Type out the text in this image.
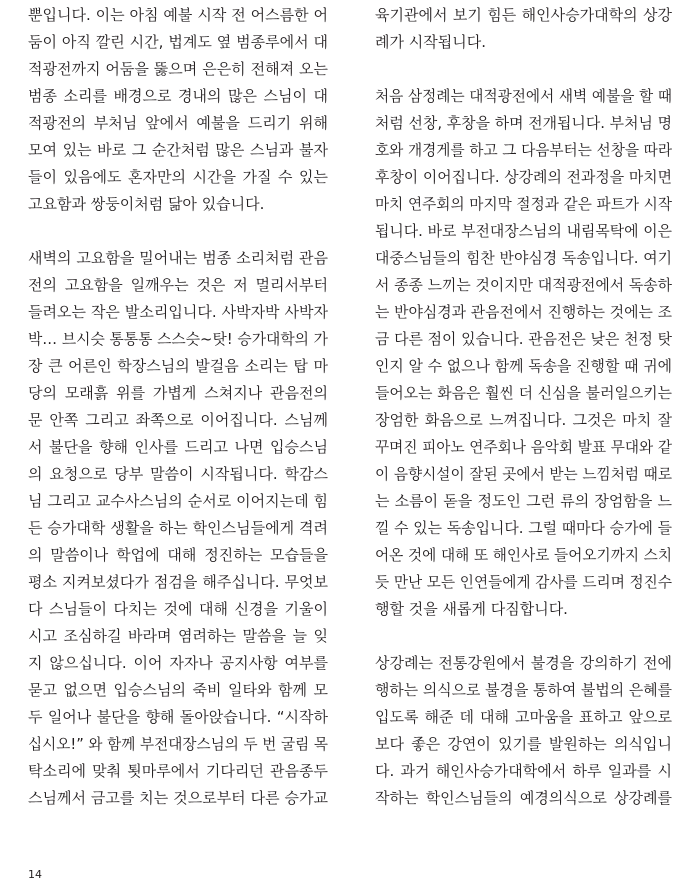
뿐입니다. 이는 아침 예불 시작 전 어스름한 어
둠이 아직 깔린 시간, 법계도 옆 범종루에서 대
적광전까지 어둠을 뚫으며 은은히 전해져 오는
범종 소리를 배경으로 경내의 많은 스님이 대
적광전의 부처님 앞에서 예불을 드리기 위해
모여 있는 바로 그 순간처럼 많은 스님과 불자
들이 있음에도 혼자만의 시간을 가질 수 있는
고요함과 쌍둥이처럼 닮아 있습니다.
새벽의 고요함을 밀어내는 범종 소리처럼 관음
전의 고요함을 일깨우는 것은 저 멀리서부터
들려오는 작은 발소리입니다. 사박자박 사박자
박… 브시슷 통통통 스스슷~탓! 승가대학의 가
장 큰 어른인 학장스님의 발걸음 소리는 탑 마
당의 모래흙 위를 가볍게 스쳐지나 관음전의
문 안쪽 그리고 좌쪽으로 이어집니다. 스님께
서 불단을 향해 인사를 드리고 나면 입승스님
의 요청으로 당부 말씀이 시작됩니다. 학감스
님 그리고 교수사스님의 순서로 이어지는데 힘
든 승가대학 생활을 하는 학인스님들에게 격려
의 말씀이나 학업에 대해 정진하는 모습들을
평소 지켜보셨다가 점검을 해주십니다. 무엇보
다 스님들이 다치는 것에 대해 신경을 기울이
시고 조심하길 바라며 염려하는 말씀을 늘 잊
지 않으십니다. 이어 자자나 공지사항 여부를
묻고 없으면 입승스님의 죽비 일타와 함께 모
두 일어나 불단을 향해 돌아앉습니다. “시작하
십시오!” 와 함께 부전대장스님의 두 번 굴림 목
탁소리에 맞춰 툇마루에서 기다리던 관음종두
스님께서 금고를 치는 것으로부터 다른 승가교
육기관에서 보기 힘든 해인사승가대학의 상강
례가 시작됩니다.
처음 삼정례는 대적광전에서 새벽 예불을 할 때
처럼 선창, 후창을 하며 전개됩니다. 부처님 명
호와 개경게를 하고 그 다음부터는 선창을 따라
후창이 이어집니다. 상강례의 전과정을 마치면
마치 연주회의 마지막 절정과 같은 파트가 시작
됩니다. 바로 부전대장스님의 내림목탁에 이은
대중스님들의 힘찬 반야심경 독송입니다. 여기
서 종종 느끼는 것이지만 대적광전에서 독송하
는 반야심경과 관음전에서 진행하는 것에는 조
금 다른 점이 있습니다. 관음전은 낮은 천정 탓
인지 알 수 없으나 함께 독송을 진행할 때 귀에
들어오는 화음은 훨씬 더 신심을 불러일으키는
장엄한 화음으로 느껴집니다. 그것은 마치 잘
꾸며진 피아노 연주회나 음악회 발표 무대와 같
이 음향시설이 잘된 곳에서 받는 느낌처럼 때로
는 소름이 돋을 정도인 그런 류의 장엄함을 느
낄 수 있는 독송입니다. 그럴 때마다 승가에 들
어온 것에 대해 또 해인사로 들어오기까지 스치
듯 만난 모든 인연들에게 감사를 드리며 정진수
행할 것을 새롭게 다짐합니다.
상강례는 전통강원에서 불경을 강의하기 전에
행하는 의식으로 불경을 통하여 불법의 은혜를
입도록 해준 데 대해 고마움을 표하고 앞으로
보다 좋은 강연이 있기를 발원하는 의식입니
다. 과거 해인사승가대학에서 하루 일과를 시
작하는 학인스님들의 예경의식으로 상강례를
14
